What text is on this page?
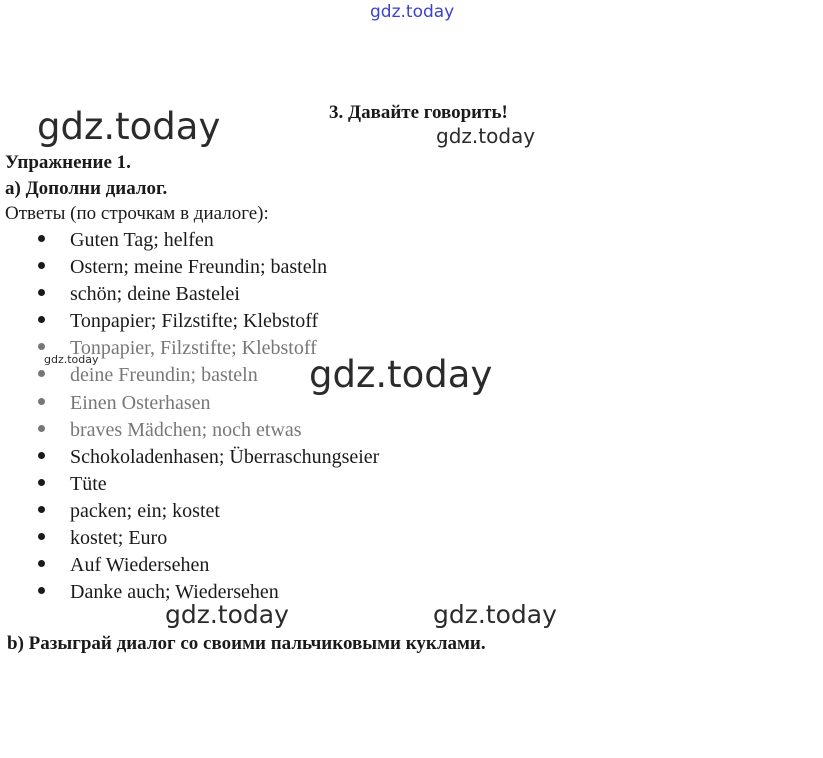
gdz.today
gdz.today	gdz.today
gdz.today	gdz.today
gdz.today	gdz.today
3. Давайте говорить!
Упражнение 1.
a) Дополни диалог.
Ответы (по строчкам в диалоге):
Guten Tag; helfen
Ostern; meine Freundin; basteln
schön; deine Bastelei
Tonpapier; Filzstifte; Klebstoff
Tonpapier, Filzstifte; Klebstoff
deine Freundin; basteln
Einen Osterhasen
braves Mädchen; noch etwas
Schokoladenhasen; Überraschungseier
Tüte
packen; ein; kostet
kostet; Euro
Auf Wiedersehen
Danke auch; Wiedersehen
b) Разыграй диалог со своими пальчиковыми куклами.
